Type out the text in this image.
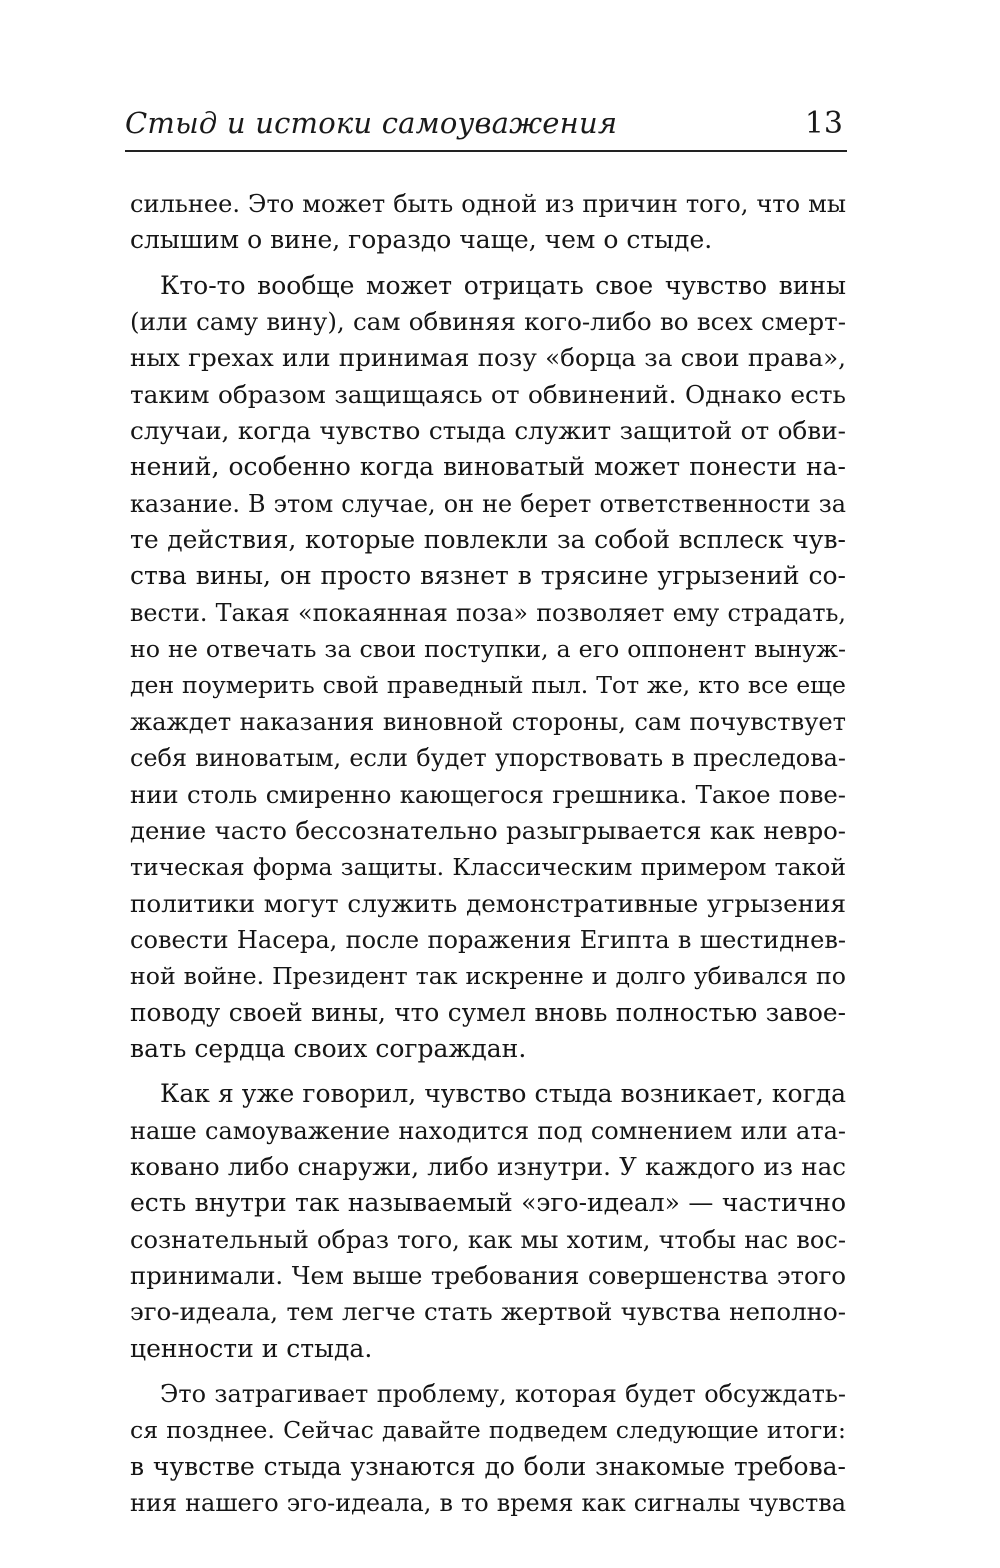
Стыд и истоки самоуважения	13
сильнее. Это может быть одной из причин того, что мы
слышим о вине, гораздо чаще, чем о стыде.
Кто-то вообще может отрицать свое чувство вины
(или саму вину), сам обвиняя кого-либо во всех смерт-
ных грехах или принимая позу «борца за свои права»,
таким образом защищаясь от обвинений. Однако есть
случаи, когда чувство стыда служит защитой от обви-
нений, особенно когда виноватый может понести на-
казание. В этом случае, он не берет ответственности за
те действия, которые повлекли за собой всплеск чув-
ства вины, он просто вязнет в трясине угрызений со-
вести. Такая «покаянная поза» позволяет ему страдать,
но не отвечать за свои поступки, а его оппонент вынуж-
ден поумерить свой праведный пыл. Тот же, кто все еще
жаждет наказания виновной стороны, сам почувствует
себя виноватым, если будет упорствовать в преследова-
нии столь смиренно кающегося грешника. Такое пове-
дение часто бессознательно разыгрывается как невро-
тическая форма защиты. Классическим примером такой
политики могут служить демонстративные угрызения
совести Насера, после поражения Египта в шестиднев-
ной войне. Президент так искренне и долго убивался по
поводу своей вины, что сумел вновь полностью завое-
вать сердца своих сограждан.
Как я уже говорил, чувство стыда возникает, когда
наше самоуважение находится под сомнением или ата-
ковано либо снаружи, либо изнутри. У каждого из нас
есть внутри так называемый «эго-идеал» — частично
сознательный образ того, как мы хотим, чтобы нас вос-
принимали. Чем выше требования совершенства этого
эго-идеала, тем легче стать жертвой чувства неполно-
ценности и стыда.
Это затрагивает проблему, которая будет обсуждать-
ся позднее. Сейчас давайте подведем следующие итоги:
в чувстве стыда узнаются до боли знакомые требова-
ния нашего эго-идеала, в то время как сигналы чувства
